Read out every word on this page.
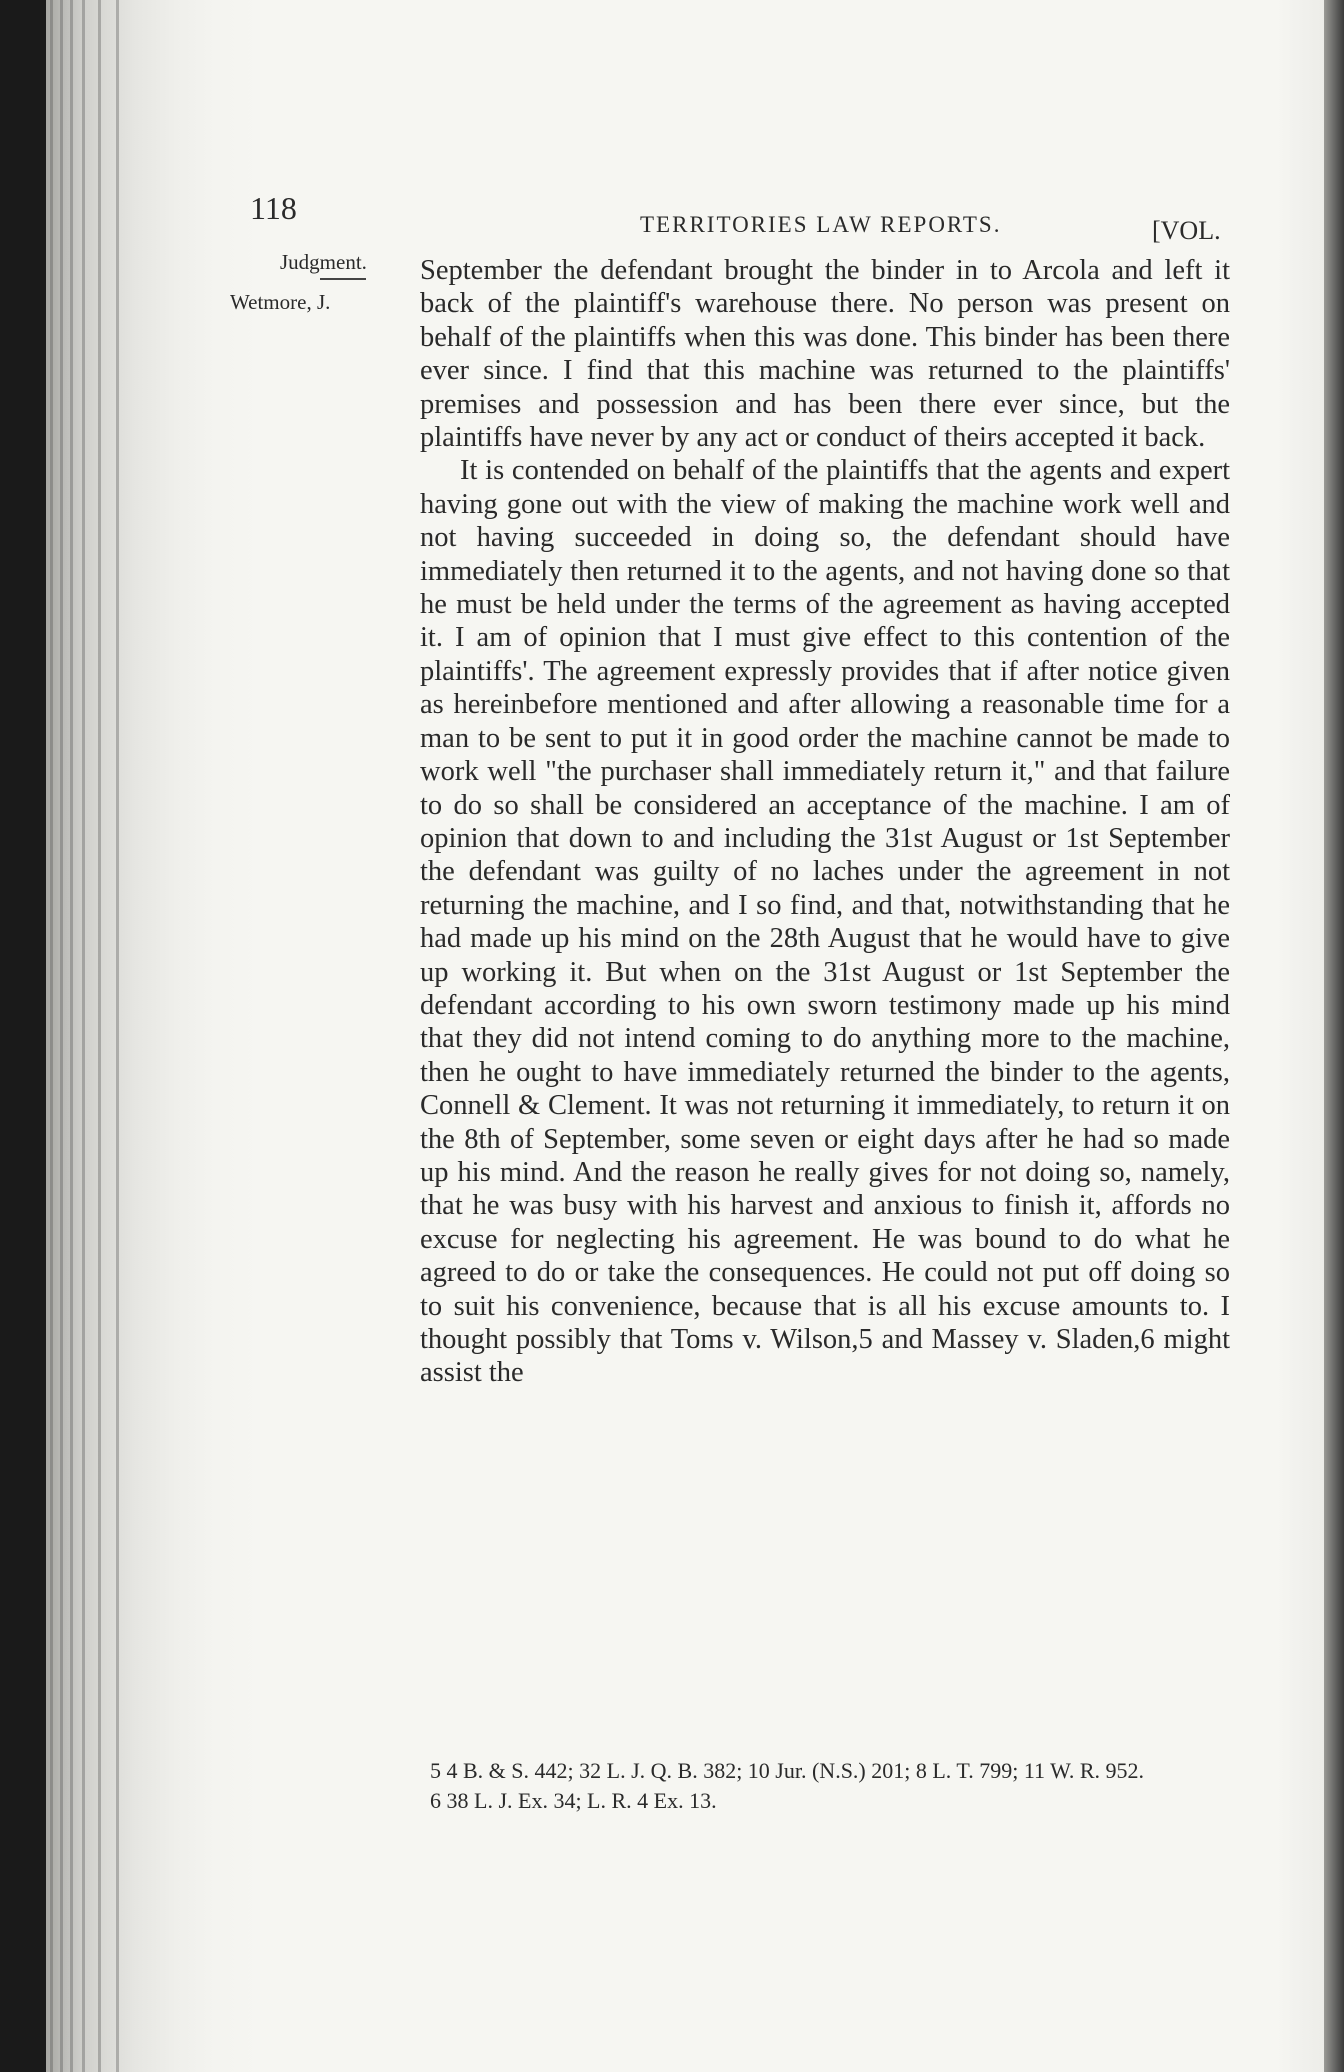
118	TERRITORIES LAW REPORTS.	[VOL.
Judgment.
Wetmore, J.

September the defendant brought the binder in to Arcola and left it back of the plaintiff's warehouse there. No person was present on behalf of the plaintiffs when this was done. This binder has been there ever since. I find that this machine was returned to the plaintiffs' premises and possession and has been there ever since, but the plaintiffs have never by any act or conduct of theirs accepted it back.

It is contended on behalf of the plaintiffs that the agents and expert having gone out with the view of making the machine work well and not having succeeded in doing so, the defendant should have immediately then returned it to the agents, and not having done so that he must be held under the terms of the agreement as having accepted it. I am of opinion that I must give effect to this contention of the plaintiffs'. The agreement expressly provides that if after notice given as hereinbefore mentioned and after allowing a reasonable time for a man to be sent to put it in good order the machine cannot be made to work well "the purchaser shall immediately return it," and that failure to do so shall be considered an acceptance of the machine. I am of opinion that down to and including the 31st August or 1st September the defendant was guilty of no laches under the agreement in not returning the machine, and I so find, and that, notwithstanding that he had made up his mind on the 28th August that he would have to give up working it. But when on the 31st August or 1st September the defendant according to his own sworn testimony made up his mind that they did not intend coming to do anything more to the machine, then he ought to have immediately returned the binder to the agents, Connell & Clement. It was not returning it immediately, to return it on the 8th of September, some seven or eight days after he had so made up his mind. And the reason he really gives for not doing so, namely, that he was busy with his harvest and anxious to finish it, affords no excuse for neglecting his agreement. He was bound to do what he agreed to do or take the consequences. He could not put off doing so to suit his convenience, because that is all his excuse amounts to. I thought possibly that Toms v. Wilson,5 and Massey v. Sladen,6 might assist the

5 4 B. & S. 442; 32 L. J. Q. B. 382; 10 Jur. (N.S.) 201; 8 L. T. 799; 11 W. R. 952.

6 38 L. J. Ex. 34; L. R. 4 Ex. 13.
